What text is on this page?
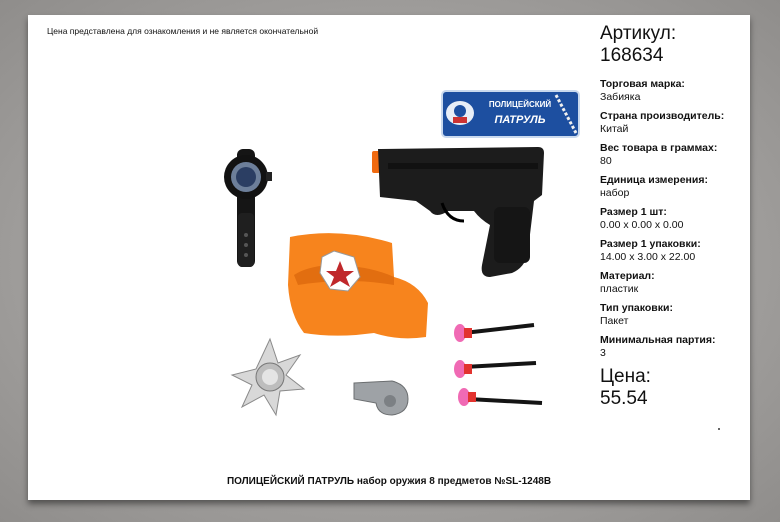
Цена представлена для ознакомления и не является окончательной
ПОЛИЦЕЙСКИЙ
ПАТРУЛЬ
Артикул:
168634
Торговая марка:
Забияка
Страна производитель:
Китай
Вес товара в граммах:
80
Единица измерения:
набор
Размер 1 шт:
0.00 x 0.00 x 0.00
Размер 1 упаковки:
14.00 x 3.00 x 22.00
Материал:
пластик
Тип упаковки:
Пакет
Минимальная партия:
3
Цена:
55.54
ПОЛИЦЕЙСКИЙ ПАТРУЛЬ набор оружия 8 предметов №SL-1248B
